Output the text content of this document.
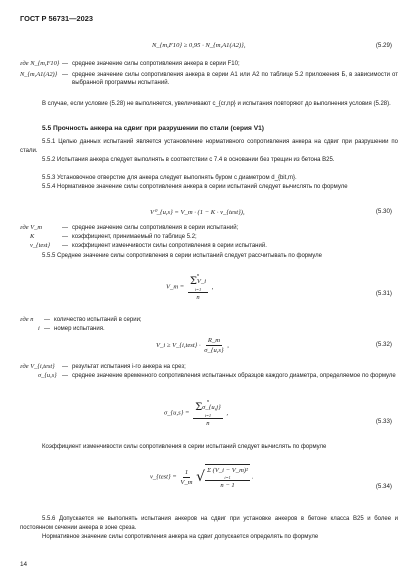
ГОСТ Р 56731—2023
N_{m,F10} ≥ 0,95 · N_{m,A1(A2)},	(5.29)
где N_{m,F10} — среднее значение силы сопротивления анкера в серии F10;
N_{m,A1(A2)} — среднее значение силы сопротивления анкера в серии А1 или А2 по таблице 5.2 приложения Б, в зависимости от выбранной программы испытаний.
В случае, если условие (5.28) не выполняется, увеличивают с_{cr,np} и испытания повторяют до выполнения условия (5.28).
5.5 Прочность анкера на сдвиг при разрушении по стали (серия V1)
5.5.1 Целью данных испытаний является установление нормативного сопротивления анкера на сдвиг при разрушении по стали.
5.5.2 Испытания анкера следует выполнять в соответствии с 7.4 в основании без трещин из бетона В25.
5.5.3 Установочное отверстие для анкера следует выполнять буром с диаметром d_{bit,m}.
5.5.4 Нормативное значение силы сопротивления анкера в серии испытаний следует вычислять по формуле
V⁰_{u,s} = V_m · (1 − K · v_{test}),	(5.30)
где V_m	— среднее значение силы сопротивления в серии испытаний;
K	— коэффициент, принимаемый по таблице 5.2;
v_{test}	— коэффициент изменчивости силы сопротивления в серии испытаний.
5.5.5 Среднее значение силы сопротивления в серии испытаний следует рассчитывать по формуле
V_m = n
Σ V_i
i=1
n ,
(5.31)
где n	— количество испытаний в серии;
i — номер испытания.
V_i ≥ V_{i,test} · $\frac{R\_m}{\sigma\_\{u,s\}}$ ,	(5.32)
где V_{i,test}	— результат испытания i-го анкера на срез;
σ_{u,s} — среднее значение временного сопротивления испытанных образцов каждого диаметра, определяемое по формуле
σ_{u,s} =
n
Σ σ_{u,j}
i=1
n
,
(5.33)
Коэффициент изменчивости силы сопротивления в серии испытаний следует вычислять по формуле
v_{test} = $\frac{1}{V\_m}$
√ Σ (V_i − V_m)²
i=1
n − 1 .
(5.34)
5.5.6 Допускается не выполнять испытания анкеров на сдвиг при установке анкеров в бетоне класса В25 и более и постоянном сечении анкера в зоне среза.
Нормативное значение силы сопротивления анкера на сдвиг допускается определять по формуле
14
